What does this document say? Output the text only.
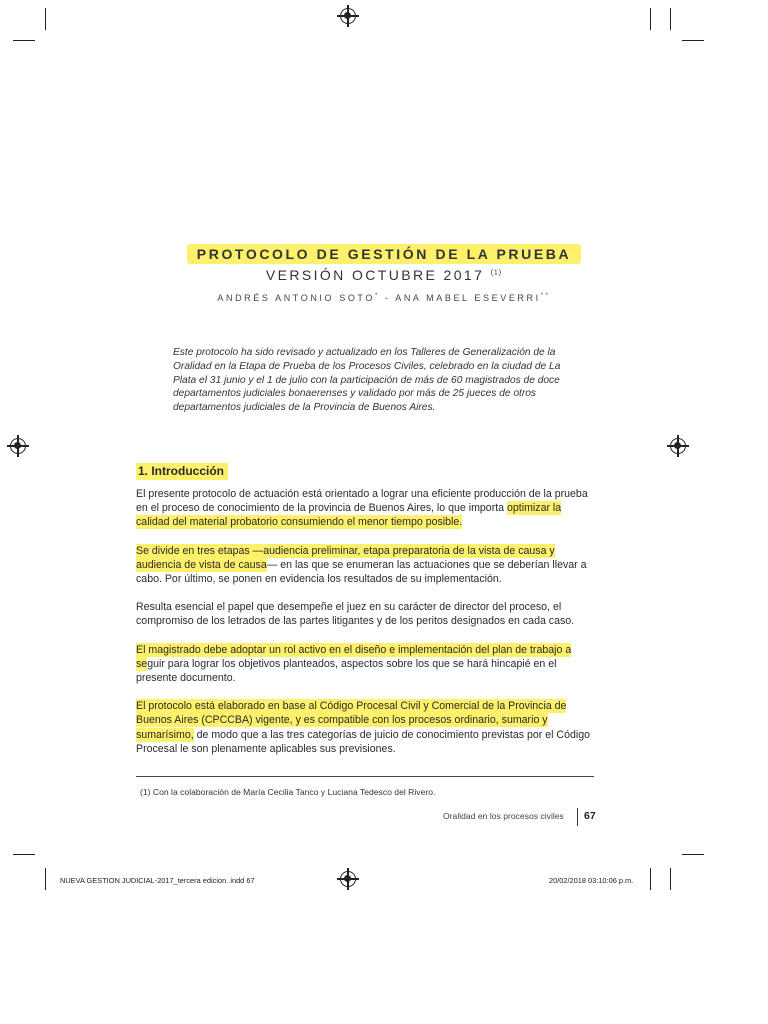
PROTOCOLO DE GESTIÓN DE LA PRUEBA
VERSIÓN OCTUBRE 2017 $^{(1)}$
ANDRÉS ANTONIO SOTO* - ANA MABEL ESEVERRI**
Este protocolo ha sido revisado y actualizado en los Talleres de Generalización de la Oralidad en la Etapa de Prueba de los Procesos Civiles, celebrado en la ciudad de La Plata el 31 junio y el 1 de julio con la participación de más de 60 magistrados de doce departamentos judiciales bonaerenses y validado por más de 25 jueces de otros departamentos judiciales de la Provincia de Buenos Aires.
1. Introducción

El presente protocolo de actuación está orientado a lograr una eficiente producción de la prueba en el proceso de conocimiento de la provincia de Buenos Aires, lo que importa optimizar la calidad del material probatorio consumiendo el menor tiempo posible.

Se divide en tres etapas —audiencia preliminar, etapa preparatoria de la vista de causa y audiencia de vista de causa— en las que se enumeran las actuaciones que se deberían llevar a cabo. Por último, se ponen en evidencia los resultados de su implementación.

Resulta esencial el papel que desempeñe el juez en su carácter de director del proceso, el compromiso de los letrados de las partes litigantes y de los peritos designados en cada caso.

El magistrado debe adoptar un rol activo en el diseño e implementación del plan de trabajo a seguir para lograr los objetivos planteados, aspectos sobre los que se hará hincapié en el presente documento.

El protocolo está elaborado en base al Código Procesal Civil y Comercial de la Provincia de Buenos Aires (CPCCBA) vigente, y es compatible con los procesos ordinario, sumario y sumarísimo, de modo que a las tres categorías de juicio de conocimiento previstas por el Código Procesal le son plenamente aplicables sus previsiones.

(1) Con la colaboración de María Cecilia Tanco y Luciana Tedesco del Rivero.
Oralidad en los procesos civiles 67
NUEVA GESTION JUDICIAL-2017_tercera edicion .indd 67	20/02/2018 03:10:06 p.m.
